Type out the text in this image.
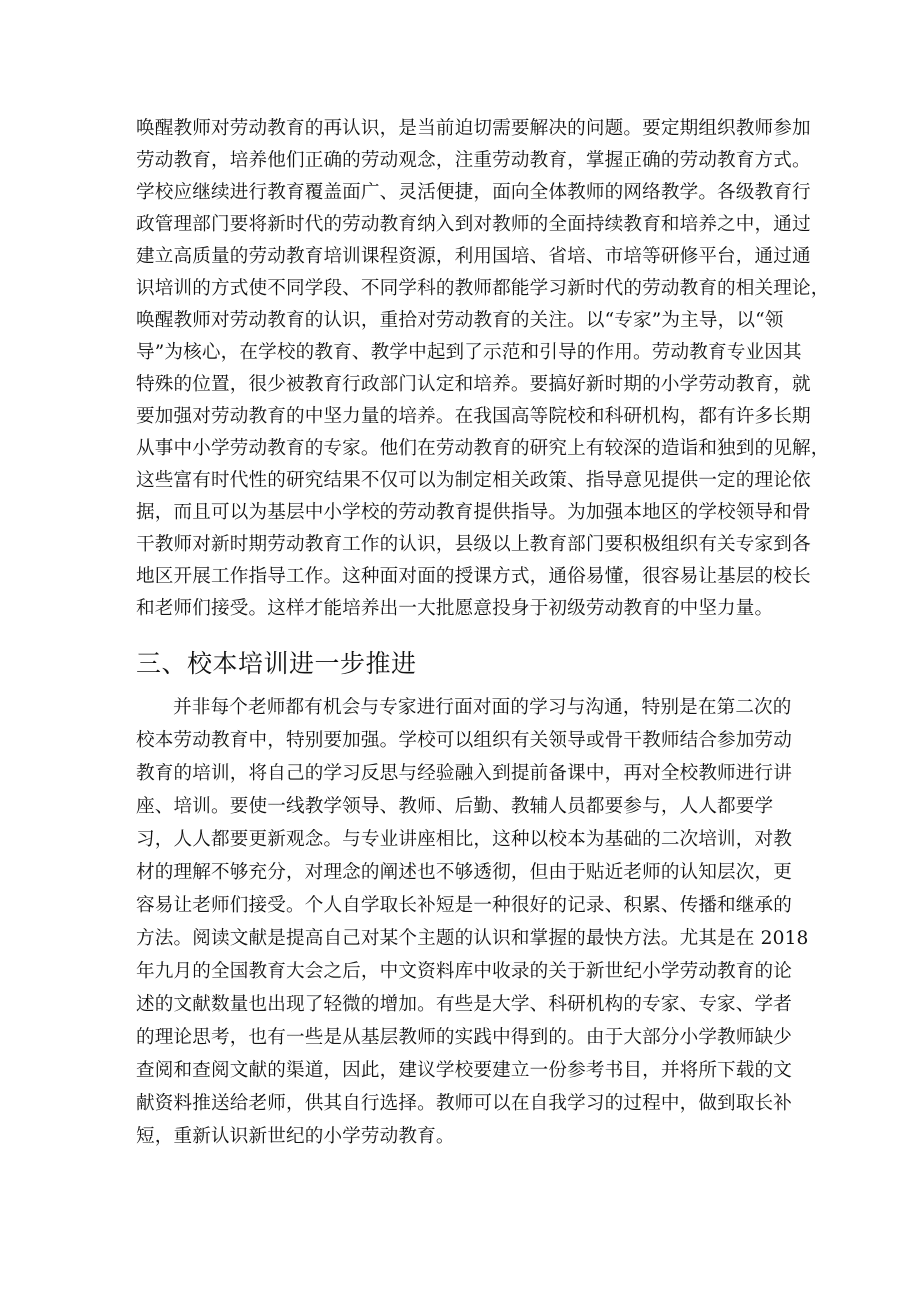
唤醒教师对劳动教育的再认识，是当前迫切需要解决的问题。要定期组织教师参加
劳动教育，培养他们正确的劳动观念，注重劳动教育，掌握正确的劳动教育方式。
学校应继续进行教育覆盖面广、灵活便捷，面向全体教师的网络教学。各级教育行
政管理部门要将新时代的劳动教育纳入到对教师的全面持续教育和培养之中，通过
建立高质量的劳动教育培训课程资源，利用国培、省培、市培等研修平台，通过通
识培训的方式使不同学段、不同学科的教师都能学习新时代的劳动教育的相关理论，
唤醒教师对劳动教育的认识，重拾对劳动教育的关注。以“专家”为主导，以“领
导”为核心，在学校的教育、教学中起到了示范和引导的作用。劳动教育专业因其
特殊的位置，很少被教育行政部门认定和培养。要搞好新时期的小学劳动教育，就
要加强对劳动教育的中坚力量的培养。在我国高等院校和科研机构，都有许多长期
从事中小学劳动教育的专家。他们在劳动教育的研究上有较深的造诣和独到的见解，
这些富有时代性的研究结果不仅可以为制定相关政策、指导意见提供一定的理论依
据，而且可以为基层中小学校的劳动教育提供指导。为加强本地区的学校领导和骨
干教师对新时期劳动教育工作的认识，县级以上教育部门要积极组织有关专家到各
地区开展工作指导工作。这种面对面的授课方式，通俗易懂，很容易让基层的校长
和老师们接受。这样才能培养出一大批愿意投身于初级劳动教育的中坚力量。
三、校本培训进一步推进
并非每个老师都有机会与专家进行面对面的学习与沟通，特别是在第二次的
校本劳动教育中，特别要加强。学校可以组织有关领导或骨干教师结合参加劳动
教育的培训，将自己的学习反思与经验融入到提前备课中，再对全校教师进行讲
座、培训。要使一线教学领导、教师、后勤、教辅人员都要参与，人人都要学
习，人人都要更新观念。与专业讲座相比，这种以校本为基础的二次培训，对教
材的理解不够充分，对理念的阐述也不够透彻，但由于贴近老师的认知层次，更
容易让老师们接受。个人自学取长补短是一种很好的记录、积累、传播和继承的
方法。阅读文献是提高自己对某个主题的认识和掌握的最快方法。尤其是在 2018
年九月的全国教育大会之后，中文资料库中收录的关于新世纪小学劳动教育的论
述的文献数量也出现了轻微的增加。有些是大学、科研机构的专家、专家、学者
的理论思考，也有一些是从基层教师的实践中得到的。由于大部分小学教师缺少
查阅和查阅文献的渠道，因此，建议学校要建立一份参考书目，并将所下载的文
献资料推送给老师，供其自行选择。教师可以在自我学习的过程中，做到取长补
短，重新认识新世纪的小学劳动教育。
